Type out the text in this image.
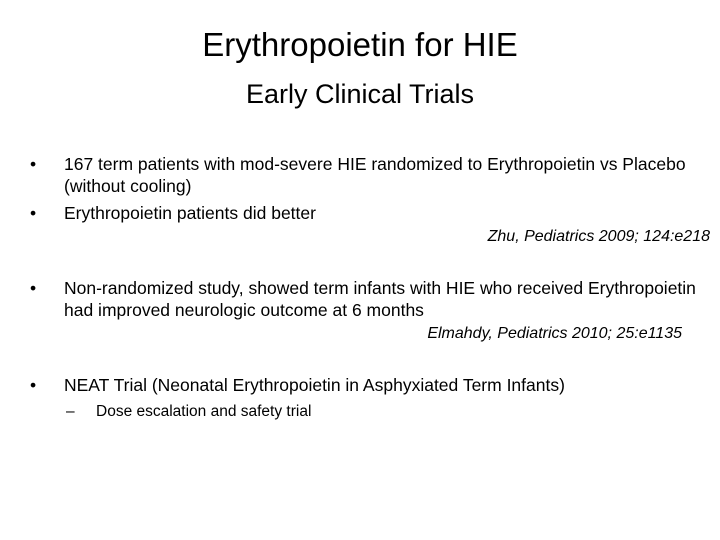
Erythropoietin for HIE
Early Clinical Trials
•	167 term patients with mod-severe HIE randomized to Erythropoietin vs Placebo (without cooling)
•	Erythropoietin patients did better
Zhu, Pediatrics 2009; 124:e218
•	Non-randomized study, showed term infants with HIE who received Erythropoietin had improved neurologic outcome at 6 months
Elmahdy, Pediatrics 2010; 25:e1135
•	NEAT Trial (Neonatal Erythropoietin in Asphyxiated Term Infants)
– Dose escalation and safety trial
